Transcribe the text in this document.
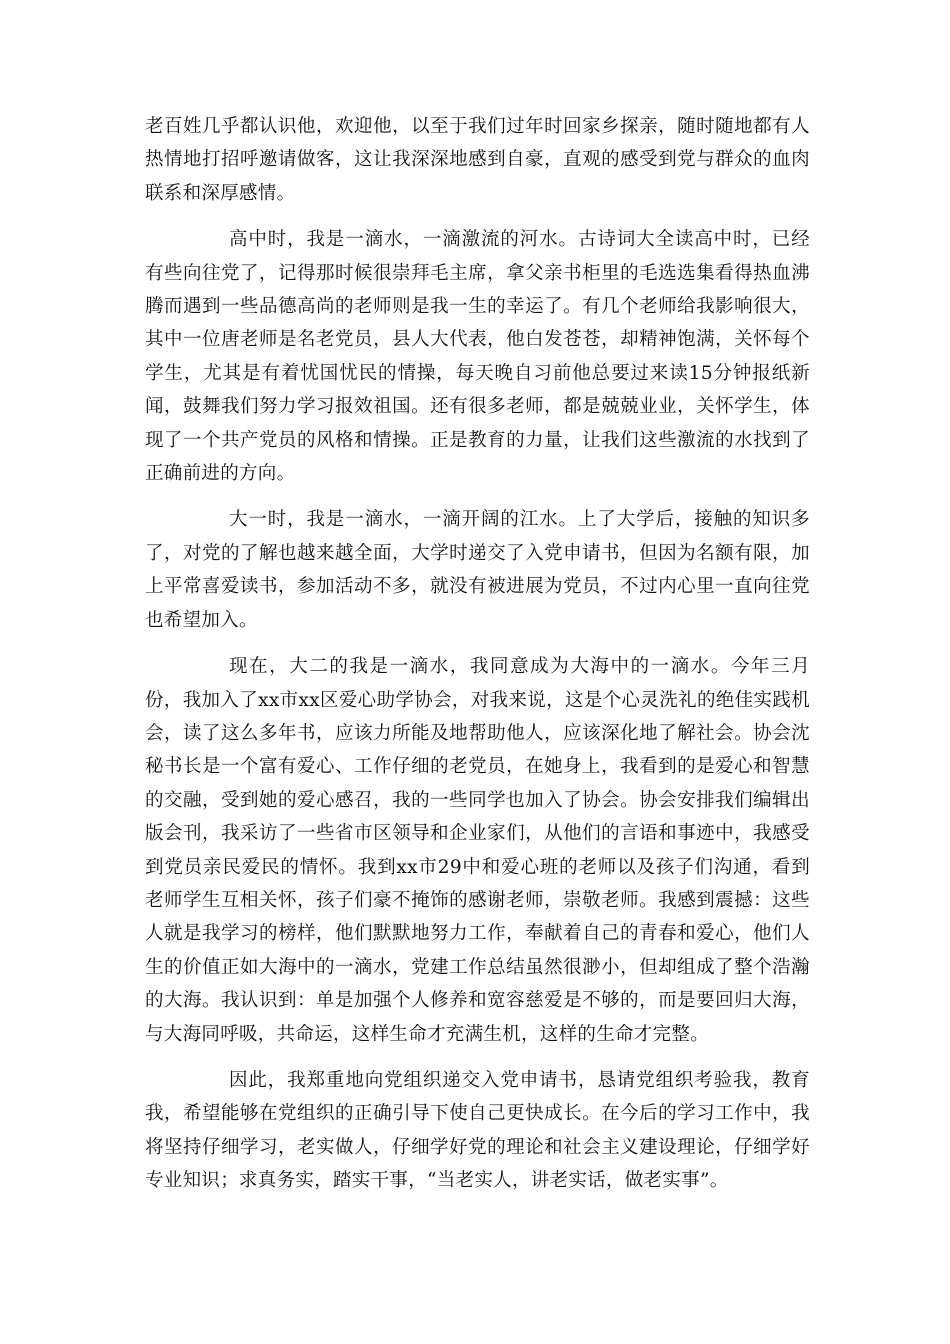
老百姓几乎都认识他，欢迎他，以至于我们过年时回家乡探亲，随时随地都有人热情地打招呼邀请做客，这让我深深地感到自豪，直观的感受到党与群众的血肉联系和深厚感情。

高中时，我是一滴水，一滴激流的河水。古诗词大全读高中时，已经有些向往党了，记得那时候很崇拜毛主席，拿父亲书柜里的毛选选集看得热血沸腾而遇到一些品德高尚的老师则是我一生的幸运了。有几个老师给我影响很大，其中一位唐老师是名老党员，县人大代表，他白发苍苍，却精神饱满，关怀每个学生，尤其是有着忧国忧民的情操，每天晚自习前他总要过来读15分钟报纸新闻，鼓舞我们努力学习报效祖国。还有很多老师，都是兢兢业业，关怀学生，体现了一个共产党员的风格和情操。正是教育的力量，让我们这些激流的水找到了正确前进的方向。

大一时，我是一滴水，一滴开阔的江水。上了大学后，接触的知识多了，对党的了解也越来越全面，大学时递交了入党申请书，但因为名额有限，加上平常喜爱读书，参加活动不多，就没有被进展为党员，不过内心里一直向往党也希望加入。

现在，大二的我是一滴水，我同意成为大海中的一滴水。今年三月份，我加入了xx市xx区爱心助学协会，对我来说，这是个心灵洗礼的绝佳实践机会，读了这么多年书，应该力所能及地帮助他人，应该深化地了解社会。协会沈秘书长是一个富有爱心、工作仔细的老党员，在她身上，我看到的是爱心和智慧的交融，受到她的爱心感召，我的一些同学也加入了协会。协会安排我们编辑出版会刊，我采访了一些省市区领导和企业家们，从他们的言语和事迹中，我感受到党员亲民爱民的情怀。我到xx市29中和爱心班的老师以及孩子们沟通，看到老师学生互相关怀，孩子们豪不掩饰的感谢老师，崇敬老师。我感到震撼：这些人就是我学习的榜样，他们默默地努力工作，奉献着自己的青春和爱心，他们人生的价值正如大海中的一滴水，党建工作总结虽然很渺小，但却组成了整个浩瀚的大海。我认识到：单是加强个人修养和宽容慈爱是不够的，而是要回归大海，与大海同呼吸，共命运，这样生命才充满生机，这样的生命才完整。

因此，我郑重地向党组织递交入党申请书，恳请党组织考验我，教育我，希望能够在党组织的正确引导下使自己更快成长。在今后的学习工作中，我将坚持仔细学习，老实做人，仔细学好党的理论和社会主义建设理论，仔细学好专业知识；求真务实，踏实干事，“当老实人，讲老实话，做老实事”。
